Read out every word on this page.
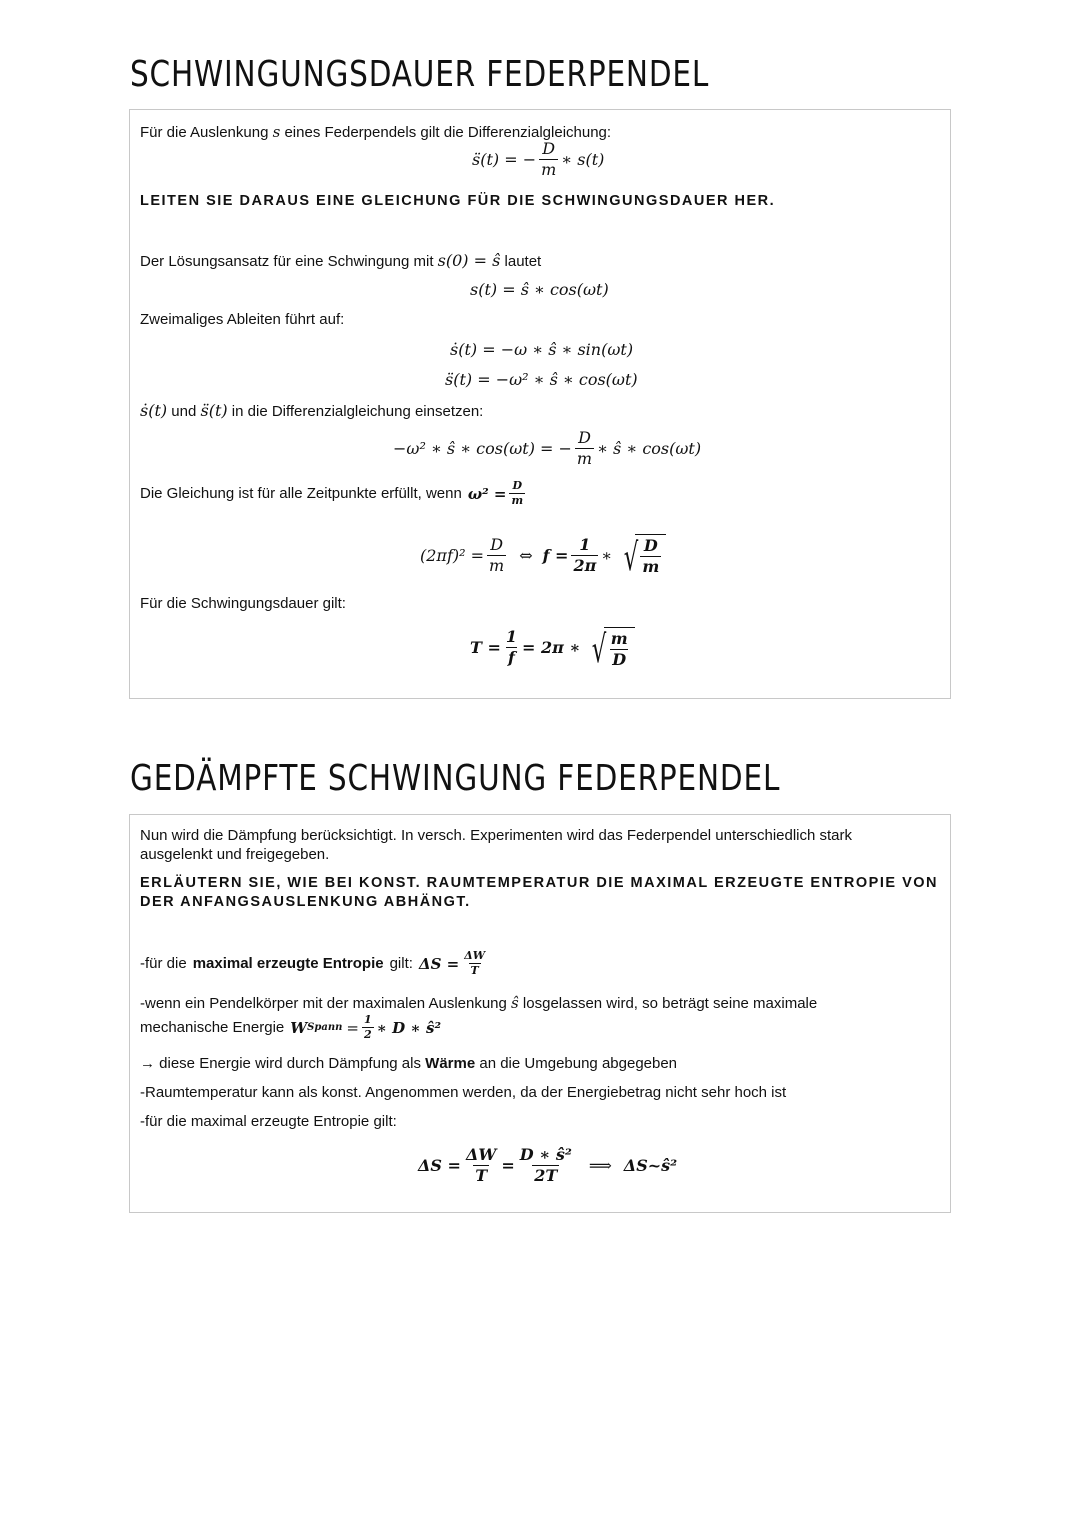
SCHWINGUNGSDAUER FEDERPENDEL
Für die Auslenkung s eines Federpendels gilt die Differenzialgleichung:
s̈(t) = − $\frac{D}{m}$ ∗ s(t)
LEITEN SIE DARAUS EINE GLEICHUNG FÜR DIE SCHWINGUNGSDAUER HER.
Der Lösungsansatz für eine Schwingung mit s(0) = ŝ lautet
s(t) = ŝ ∗ cos(ωt)
Zweimaliges Ableiten führt auf:
ṡ(t) = −ω ∗ ŝ ∗ sin(ωt)
s̈(t) = −ω² ∗ ŝ ∗ cos(ωt)
ṡ(t) und s̈(t) in die Differenzialgleichung einsetzen:
−ω² ∗ ŝ ∗ cos(ωt) = − $\frac{D}{m}$ ∗ ŝ ∗ cos(ωt)
Die Gleichung ist für alle Zeitpunkte erfüllt, wenn $\omega^2 = \frac{D}{m}$
$(2\pi f)^2 = \frac{D}{m}$ ⇔ $f = \frac{1}{2\pi}$ ∗ √ $\frac{D}{m}$
Für die Schwingungsdauer gilt:
$T = \frac{1}{f} = 2\pi$ ∗ √ $\frac{m}{D}$
GEDÄMPFTE SCHWINGUNG FEDERPENDEL
Nun wird die Dämpfung berücksichtigt. In versch. Experimenten wird das Federpendel unterschiedlich stark
ausgelenkt und freigegeben.
ERLÄUTERN SIE, WIE BEI KONST. RAUMTEMPERATUR DIE MAXIMAL ERZEUGTE ENTROPIE VON
DER ANFANGSAUSLENKUNG ABHÄNGT.
-für die maximal erzeugte Entropie gilt: $\Delta S = \frac{\Delta W}{T}$
-wenn ein Pendelkörper mit der maximalen Auslenkung ŝ losgelassen wird, so beträgt seine maximale
mechanische Energie W Spann = $\frac{1}{2}$ ∗ D ∗ ŝ²
→ diese Energie wird durch Dämpfung als Wärme an die Umgebung abgegeben
-Raumtemperatur kann als konst. Angenommen werden, da der Energiebetrag nicht sehr hoch ist
-für die maximal erzeugte Entropie gilt:
$\Delta S = \frac{\Delta W}{T} = \frac{\text{D ∗ ŝ²}}{2T}$ ⟹ ΔS~ŝ²
